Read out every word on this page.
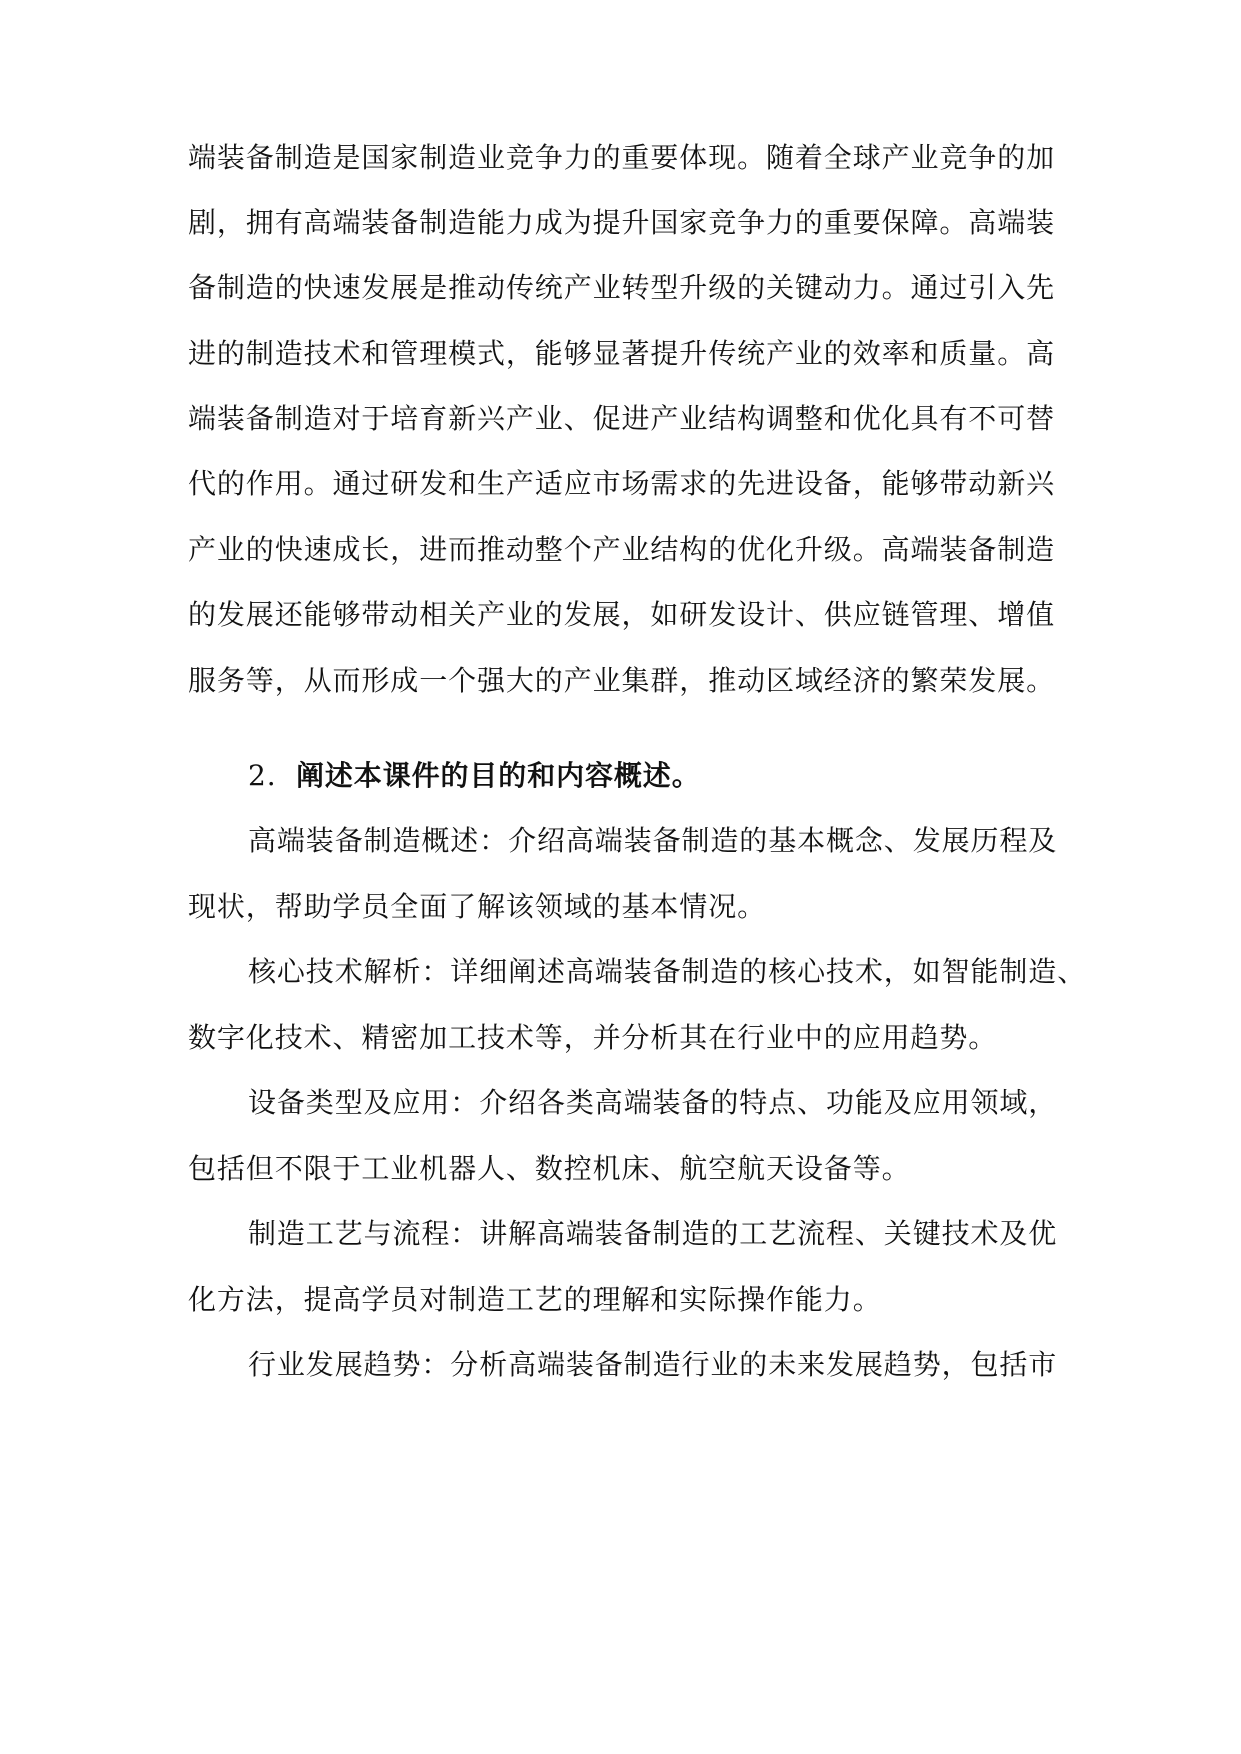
端装备制造是国家制造业竞争力的重要体现。随着全球产业竞争的加
剧，拥有高端装备制造能力成为提升国家竞争力的重要保障。高端装
备制造的快速发展是推动传统产业转型升级的关键动力。通过引入先
进的制造技术和管理模式，能够显著提升传统产业的效率和质量。高
端装备制造对于培育新兴产业、促进产业结构调整和优化具有不可替
代的作用。通过研发和生产适应市场需求的先进设备，能够带动新兴
产业的快速成长，进而推动整个产业结构的优化升级。高端装备制造
的发展还能够带动相关产业的发展，如研发设计、供应链管理、增值
服务等，从而形成一个强大的产业集群，推动区域经济的繁荣发展。
2. 阐述本课件的目的和内容概述。
高端装备制造概述：介绍高端装备制造的基本概念、发展历程及
现状，帮助学员全面了解该领域的基本情况。
核心技术解析：详细阐述高端装备制造的核心技术，如智能制造、
数字化技术、精密加工技术等，并分析其在行业中的应用趋势。
设备类型及应用：介绍各类高端装备的特点、功能及应用领域，
包括但不限于工业机器人、数控机床、航空航天设备等。
制造工艺与流程：讲解高端装备制造的工艺流程、关键技术及优
化方法，提高学员对制造工艺的理解和实际操作能力。
行业发展趋势：分析高端装备制造行业的未来发展趋势，包括市
